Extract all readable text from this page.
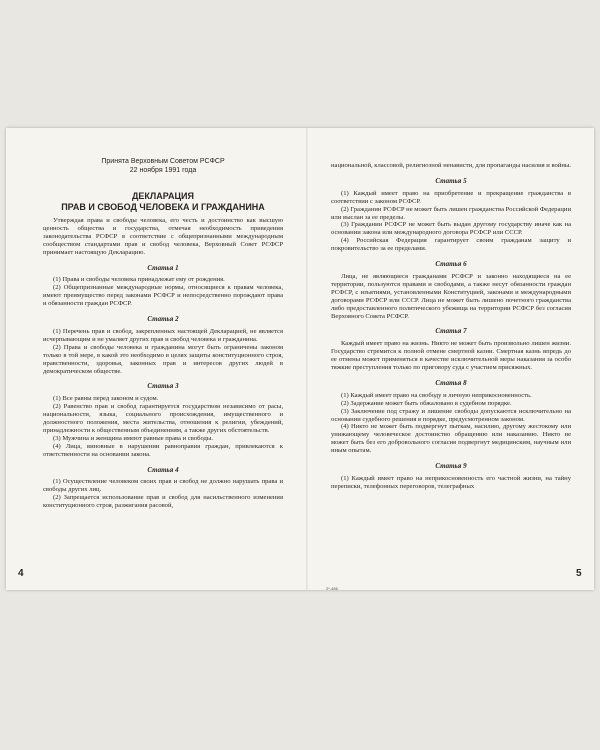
Принята Верховным Советом РСФСР
22 ноября 1991 года
ДЕКЛАРАЦИЯ
ПРАВ И СВОБОД ЧЕЛОВЕКА И ГРАЖДАНИНА

Утверждая права и свободы человека, его честь и достоинство как высшую ценность общества и государства, отмечая необходимость приведения законодательства РСФСР в соответствие с общепризнанными международным сообществом стандартами прав и свобод человека, Верховный Совет РСФСР принимает настоящую Декларацию.

Статья 1

(1) Права и свободы человека принадлежат ему от рождения.

(2) Общепризнанные международные нормы, относящиеся к правам человека, имеют преимущество перед законами РСФСР и непосредственно порождают права и обязанности граждан РСФСР.

Статья 2

(1) Перечень прав и свобод, закрепленных настоящей Декларацией, не является исчерпывающим и не умаляет других прав и свобод человека и гражданина.

(2) Права и свободы человека и гражданина могут быть ограничены законом только в той мере, в какой это необходимо в целях защиты конституционного строя, нравственности, здоровья, законных прав и интересов других людей в демократическом обществе.

Статья 3

(1) Все равны перед законом и судом.

(2) Равенство прав и свобод гарантируется государством независимо от расы, национальности, языка, социального происхождения, имущественного и должностного положения, места жительства, отношения к религии, убеждений, принадлежности к общественным объединениям, а также других обстоятельств.

(3) Мужчина и женщина имеют равные права и свободы.

(4) Лица, виновные в нарушении равноправия граждан, привлекаются к ответственности на основании закона.

Статья 4

(1) Осуществление человеком своих прав и свобод не должно нарушать права и свободы других лиц.

(2) Запрещается использование прав и свобод для насильственного изменения конституционного строя, разжигания расовой,

национальной, классовой, религиозной ненависти, для пропаганды насилия и войны.

Статья 5

(1) Каждый имеет право на приобретение и прекращение гражданства в соответствии с законом РСФСР.

(2) Гражданин РСФСР не может быть лишен гражданства Российской Федерации или выслан за ее пределы.

(3) Гражданин РСФСР не может быть выдан другому государству иначе как на основании закона или международного договора РСФСР или СССР.

(4) Российская Федерация гарантирует своим гражданам защиту и покровительство за ее пределами.

Статья 6

Лица, не являющиеся гражданами РСФСР и законно находящиеся на ее территории, пользуются правами и свободами, а также несут обязанности граждан РСФСР, с изъятиями, установленными Конституцией, законами и международными договорами РСФСР или СССР. Лица не может быть лишено почетного гражданства либо предоставленного политического убежища на территории РСФСР без согласия Верховного Совета РСФСР.

Статья 7

Каждый имеет право на жизнь. Никто не может быть произвольно лишен жизни. Государство стремится к полной отмене смертной казни. Смертная казнь впредь до ее отмены может применяться в качестве исключительной меры наказания за особо тяжкие преступления только по приговору суда с участием присяжных.

Статья 8

(1) Каждый имеет право на свободу и личную неприкосновенность.

(2) Задержание может быть обжаловано в судебном порядке.

(3) Заключение под стражу и лишение свободы допускаются исключительно на основании судебного решения в порядке, предусмотренном законом.

(4) Никто не может быть подвергнут пыткам, насилию, другому жестокому или унижающему человеческое достоинство обращению или наказанию. Никто не может быть без его добровольного согласия подвергнут медицинским, научным или иным опытам.

Статья 9

(1) Каждый имеет право на неприкосновенность его частной жизни, на тайну переписки, телефонных переговоров, телеграфных

4
2*-486
5
